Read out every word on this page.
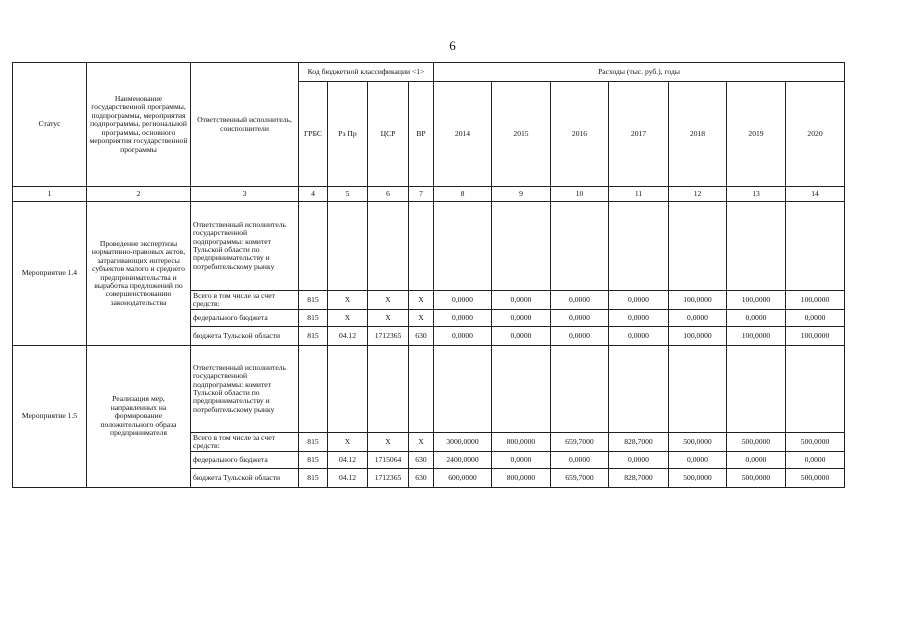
6
Статус	Наименование государственной программы, подпрограммы, мероприятия подпрограммы, региональной программы, основного мероприятия государственной программы	Ответственный исполнитель, соисполнители	Код бюджетной классификации <1>				Расходы (тыс. руб.), годы						
			ГРБС	Рз Пр	ЦСР	ВР	2014	2015	2016	2017	2018	2019	2020
1	2	3	4	5	6	7	8	9	10	11	12	13	14
Мероприятие 1.4	Проведение экспертизы нормативно-правовых актов, затрагивающих интересы субъектов малого и среднего предпринимательства и выработка предложений по совершенствованию законодательства	Ответственный исполнитель государственной подпрограммы: комитет Тульской области по предпринимательству и потребительскому рынку											
		Всего в том числе за счет средств:	815	X	X	X	0,0000	0,0000	0,0000	0,0000	100,0000	100,0000	100,0000
		федерального бюджета	815	X	X	X	0,0000	0,0000	0,0000	0,0000	0,0000	0,0000	0,0000
		бюджета Тульской области	815	04.12	1712365	630	0,0000	0,0000	0,0000	0,0000	100,0000	100,0000	100,0000
Мероприятие 1.5	Реализация мер, направленных на формирование положительного образа предпринимателя	Ответственный исполнитель государственной подпрограммы: комитет Тульской области по предпринимательству и потребительскому рынку											
		Всего в том числе за счет средств:	815	X	X	X	3000,0000	800,0000	659,7000	828,7000	500,0000	500,0000	500,0000
		федерального бюджета	815	04.12	1715064	630	2400,0000	0,0000	0,0000	0,0000	0,0000	0,0000	0,0000
		бюджета Тульской области	815	04.12	1712365	630	600,0000	800,0000	659,7000	828,7000	500,0000	500,0000	500,0000
